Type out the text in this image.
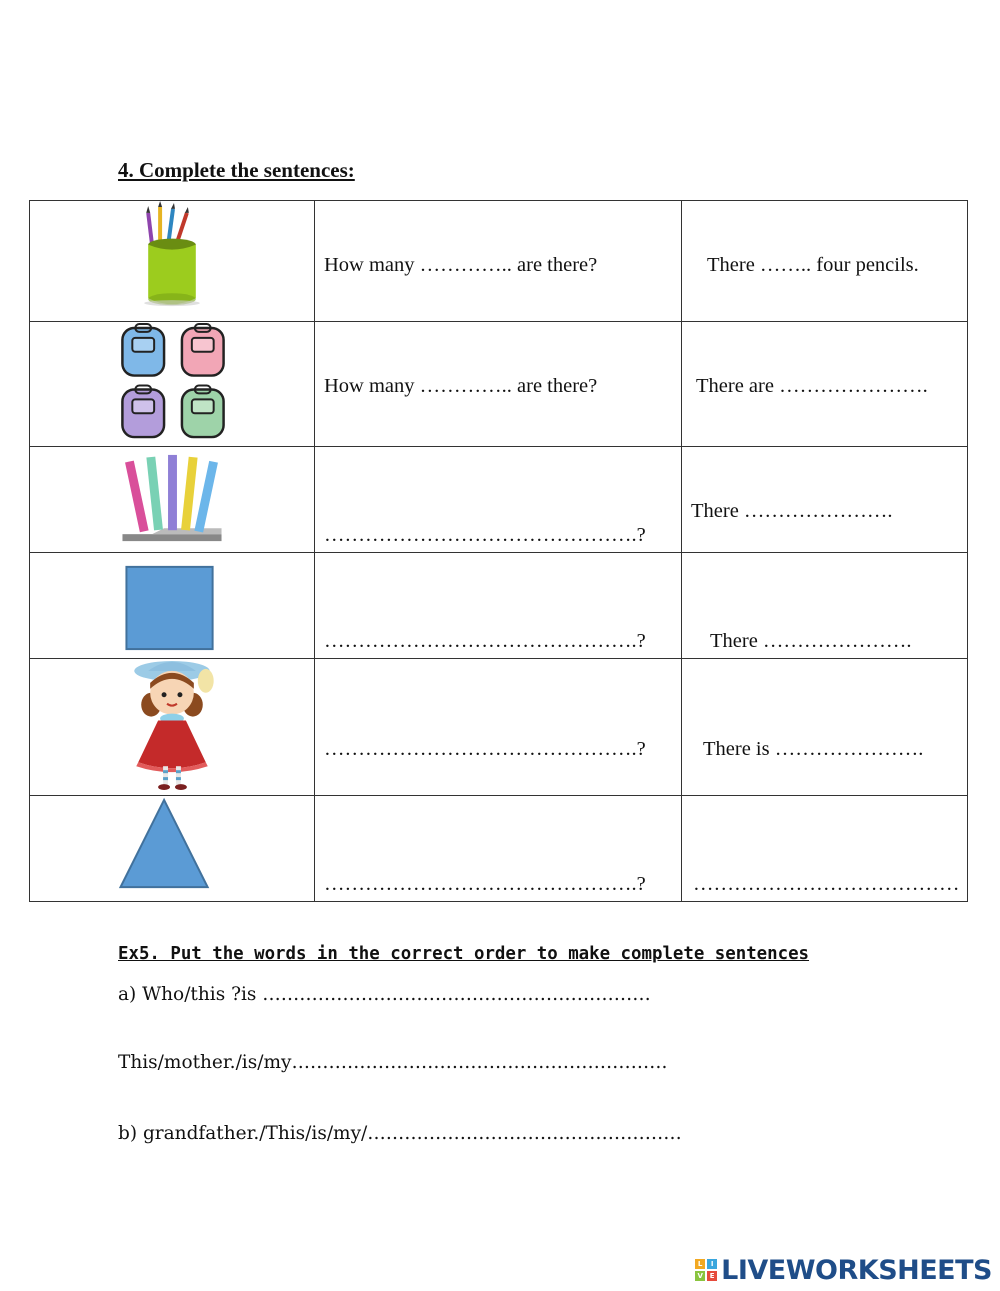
4. Complete the sentences:

How many ………….. are there?	There …….. four pencils.

How many ………….. are there?	There are ………………….

……………………………………….?	There ………………….

……………………………………….?	There ………………….

……………………………………….?	There is ………………….

……………………………………….?	…………………………………
Ex5. Put the words in the correct order to make complete sentences
a) Who/this ?is ………………………………………………………
This/mother./is/my…………………………………………………….
b) grandfather./This/is/my/……………………………………………
L	I
V E LIVEWORKSHEETS
